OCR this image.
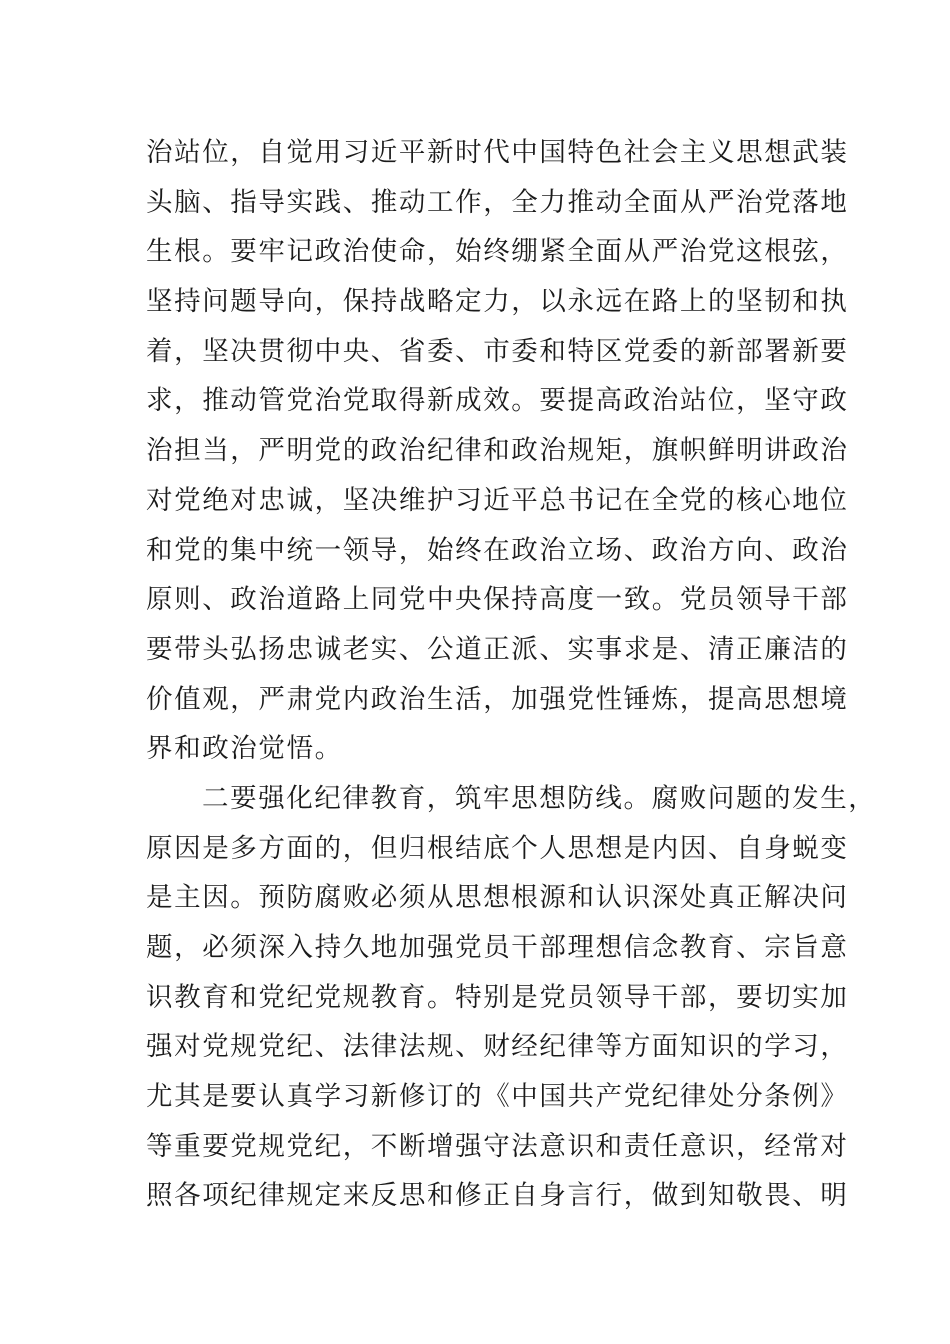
治站位，自觉用习近平新时代中国特色社会主义思想武装
头脑、指导实践、推动工作，全力推动全面从严治党落地
生根。要牢记政治使命，始终绷紧全面从严治党这根弦，
坚持问题导向，保持战略定力，以永远在路上的坚韧和执
着，坚决贯彻中央、省委、市委和特区党委的新部署新要
求，推动管党治党取得新成效。要提高政治站位，坚守政
治担当，严明党的政治纪律和政治规矩，旗帜鲜明讲政治
对党绝对忠诚，坚决维护习近平总书记在全党的核心地位
和党的集中统一领导，始终在政治立场、政治方向、政治
原则、政治道路上同党中央保持高度一致。党员领导干部
要带头弘扬忠诚老实、公道正派、实事求是、清正廉洁的
价值观，严肃党内政治生活，加强党性锤炼，提高思想境
界和政治觉悟。
二要强化纪律教育，筑牢思想防线。腐败问题的发生，
原因是多方面的，但归根结底个人思想是内因、自身蜕变
是主因。预防腐败必须从思想根源和认识深处真正解决问
题，必须深入持久地加强党员干部理想信念教育、宗旨意
识教育和党纪党规教育。特别是党员领导干部，要切实加
强对党规党纪、法律法规、财经纪律等方面知识的学习，
尤其是要认真学习新修订的《中国共产党纪律处分条例》
等重要党规党纪，不断增强守法意识和责任意识，经常对
照各项纪律规定来反思和修正自身言行，做到知敬畏、明
